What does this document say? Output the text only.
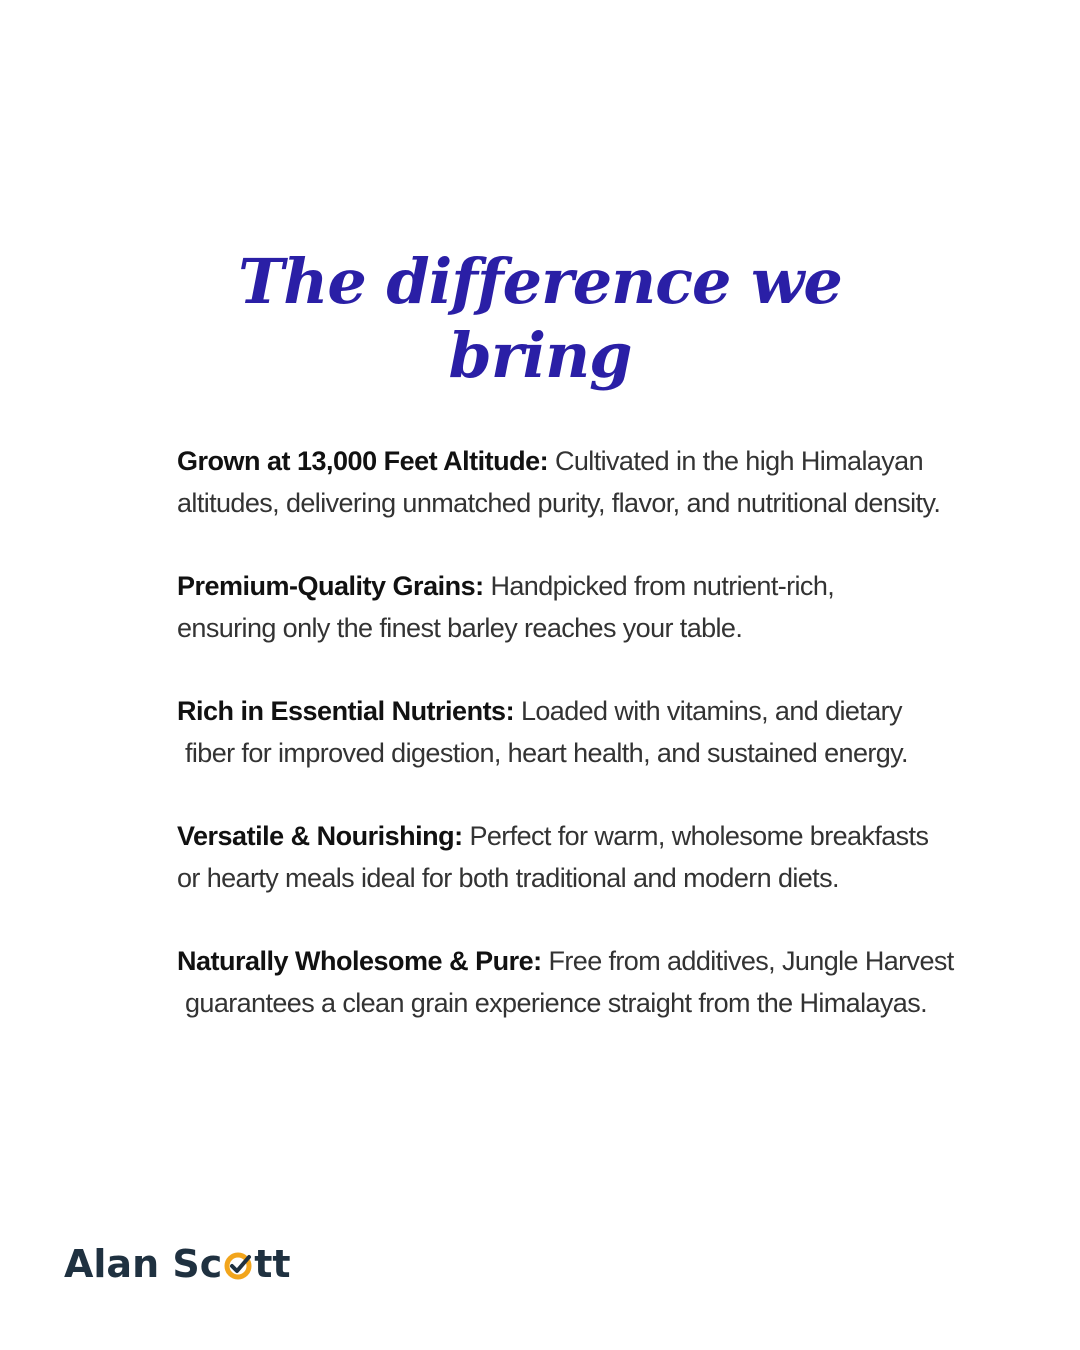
The difference we bring
Grown at 13,000 Feet Altitude: Cultivated in the high Himalayan
altitudes, delivering unmatched purity, flavor, and nutritional density.
Premium-Quality Grains: Handpicked from nutrient-rich,
ensuring only the finest barley reaches your table.
Rich in Essential Nutrients: Loaded with vitamins, and dietary
fiber for improved digestion, heart health, and sustained energy.
Versatile & Nourishing: Perfect for warm, wholesome breakfasts
or hearty meals ideal for both traditional and modern diets.
Naturally Wholesome & Pure: Free from additives, Jungle Harvest
guarantees a clean grain experience straight from the Himalayas.
Alan Sc tt
